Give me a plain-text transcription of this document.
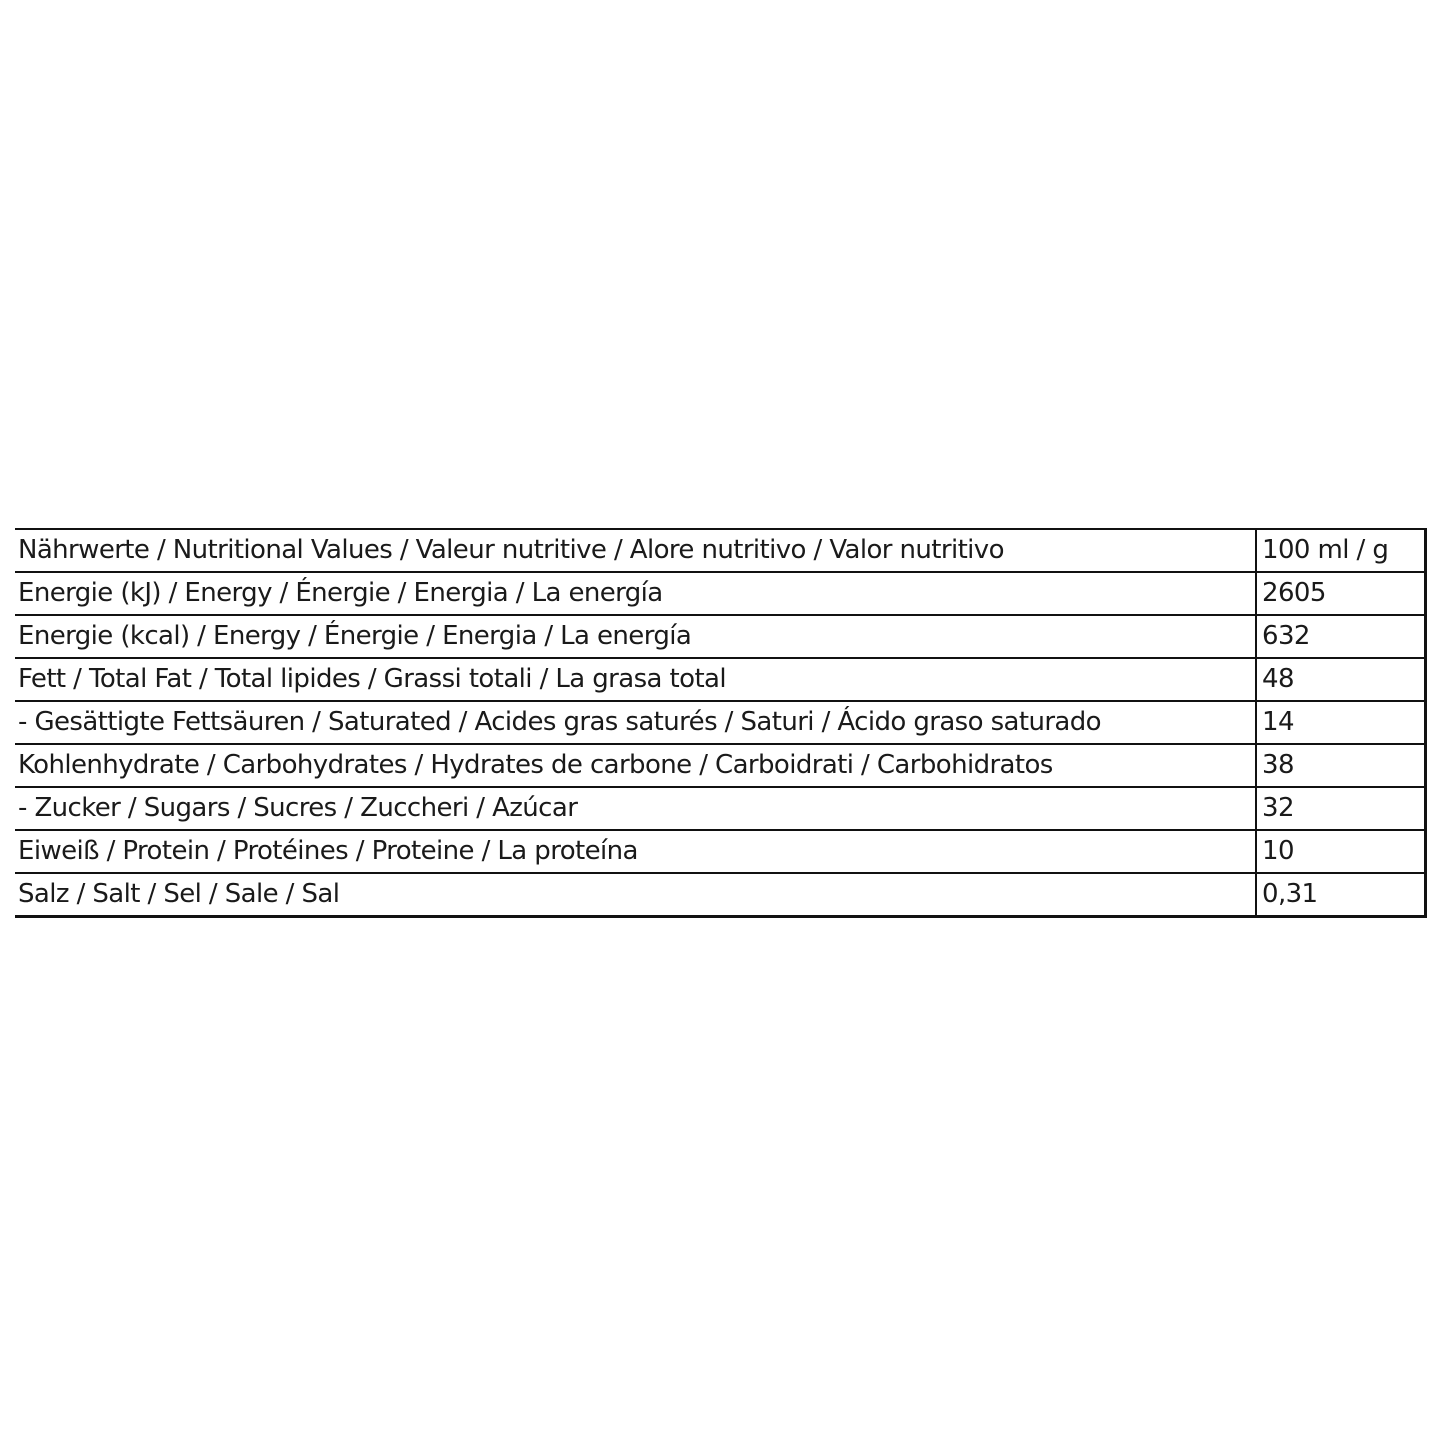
Nährwerte / Nutritional Values / Valeur nutritive / Alore nutritivo / Valor nutritivo	100 ml / g
Energie (kJ) / Energy / Énergie / Energia / La energía	2605
Energie (kcal) / Energy / Énergie / Energia / La energía	632
Fett / Total Fat / Total lipides / Grassi totali / La grasa total	48
- Gesättigte Fettsäuren / Saturated / Acides gras saturés / Saturi / Ácido graso saturado	14
Kohlenhydrate / Carbohydrates / Hydrates de carbone / Carboidrati / Carbohidratos	38
- Zucker / Sugars / Sucres / Zuccheri / Azúcar	32
Eiweiß / Protein / Protéines / Proteine / La proteína	10
Salz / Salt / Sel / Sale / Sal	0,31
